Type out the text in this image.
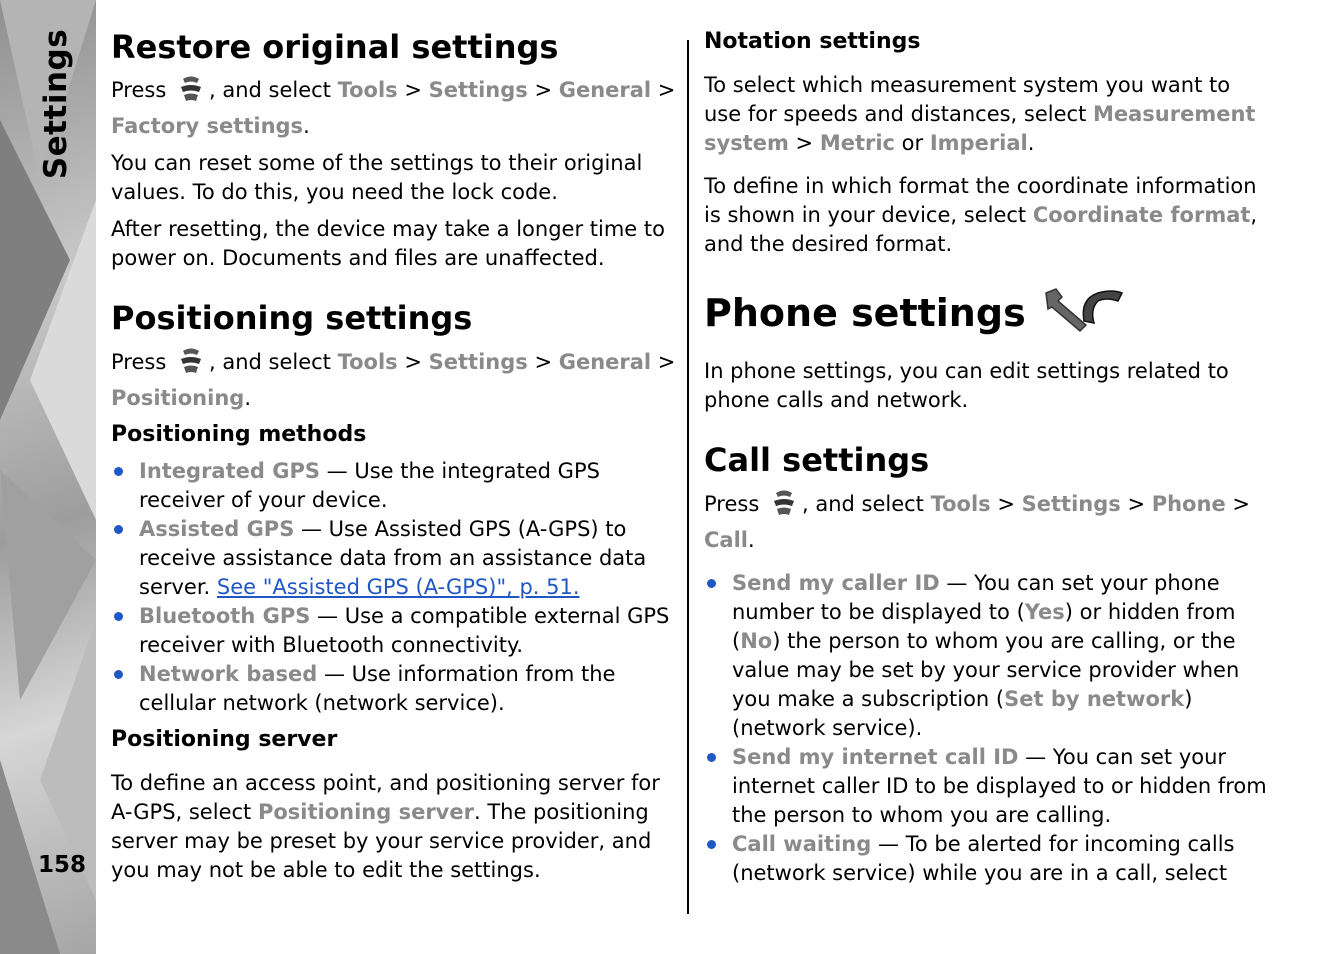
Settings
158
Restore original settings

Press , and select Tools > Settings > General > Factory settings.

You can reset some of the settings to their original values. To do this, you need the lock code.

After resetting, the device may take a longer time to power on. Documents and files are unaffected.

Positioning settings

Press , and select Tools > Settings > General > Positioning.

Positioning methods
Integrated GPS — Use the integrated GPS receiver of your device.
Assisted GPS — Use Assisted GPS (A-GPS) to receive assistance data from an assistance data server. See "Assisted GPS (A-GPS)", p. 51.
Bluetooth GPS — Use a compatible external GPS receiver with Bluetooth connectivity.
Network based — Use information from the cellular network (network service).
Positioning server

To define an access point, and positioning server for A-GPS, select Positioning server. The positioning server may be preset by your service provider, and you may not be able to edit the settings.

Notation settings

To select which measurement system you want to use for speeds and distances, select Measurement system > Metric or Imperial.

To define in which format the coordinate information is shown in your device, select Coordinate format, and the desired format.

Phone settings

In phone settings, you can edit settings related to phone calls and network.

Call settings

Press , and select Tools > Settings > Phone > Call.

Send my caller ID — You can set your phone number to be displayed to (Yes) or hidden from (No) the person to whom you are calling, or the value may be set by your service provider when you make a subscription (Set by network) (network service).
Send my internet call ID — You can set your internet caller ID to be displayed to or hidden from the person to whom you are calling.
Call waiting — To be alerted for incoming calls (network service) while you are in a call, select
